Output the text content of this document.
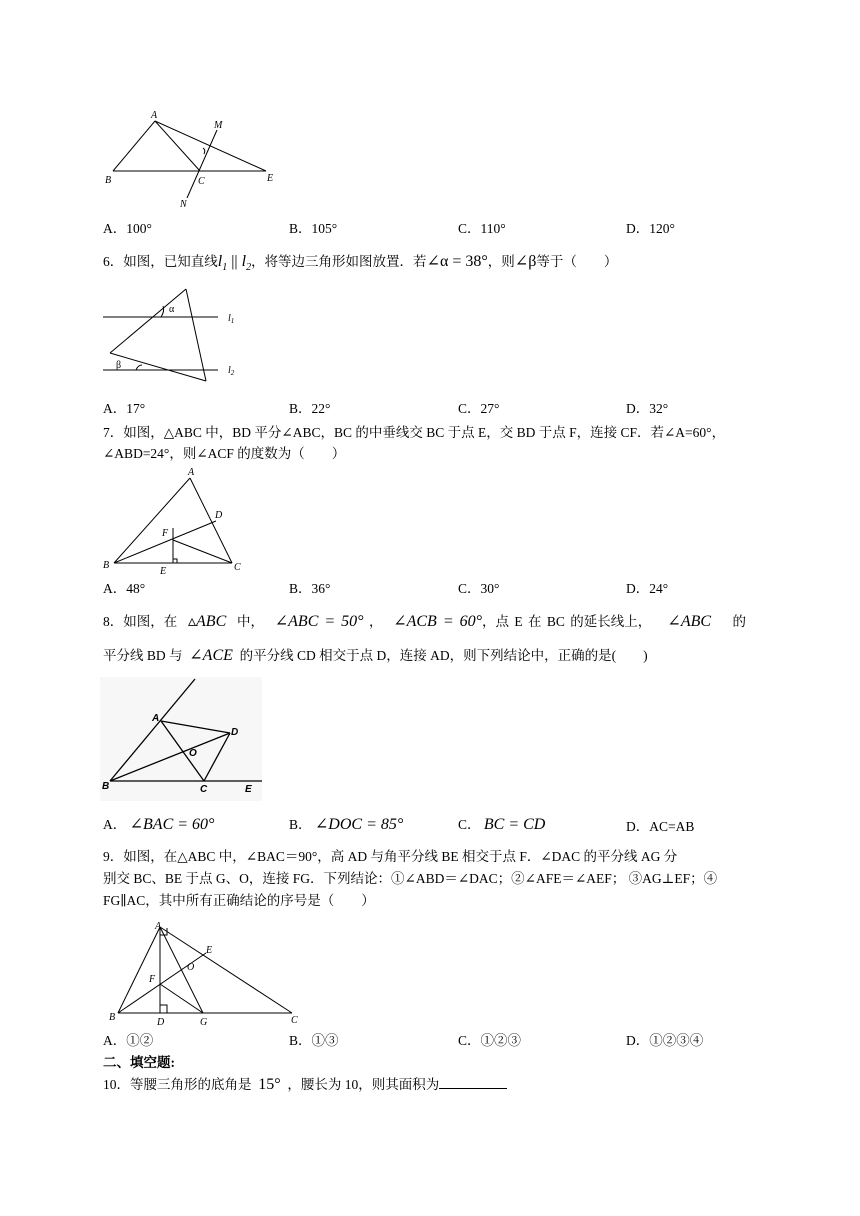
A
M
B	C	E
N
A．100°	B．105°	C．110°	D．120°
6．如图，已知直线$l_1$ || $l_2$，将等边三角形如图放置．若∠α = 38°，则∠β等于（　　）
α
β
$l_1$
$l_2$
A．17°	B．22°	C．27°	D．32°
7．如图，△ABC 中，BD 平分∠ABC，BC 的中垂线交 BC 于点 E，交 BD 于点 F，连接 CF．若∠A=60°，
∠ABD=24°，则∠ACF 的度数为（　　）
A
D
F
B
E	C
A．48°	B．36°	C．30°	D．24°
8．如图，在 ▵ABC 中， ∠ABC = 50° ， ∠ACB = 60°，点 E 在 BC 的延长线上， ∠ABC 的
平分线 BD 与 ∠ACE 的平分线 CD 相交于点 D，连接 AD，则下列结论中，正确的是(　　)
A
D
O
B	C	E
A． ∠BAC = 60°	B． ∠DOC = 85°	C． BC = CD	D．AC=AB
9．如图，在△ABC 中，∠BAC＝90°，高 AD 与角平分线 BE 相交于点 F．∠DAC 的平分线 AG 分
别交 BC、BE 于点 G、O，连接 FG．下列结论：①∠ABD＝∠DAC；②∠AFE＝∠AEF； ③AG⊥EF；④
FG∥AC，其中所有正确结论的序号是（　　）
A
E
O
F
B	D	G	C
A．①②	B．①③	C．①②③	D．①②③④
二、填空题:
10．等腰三角形的底角是 15° ，腰长为 10，则其面积为
